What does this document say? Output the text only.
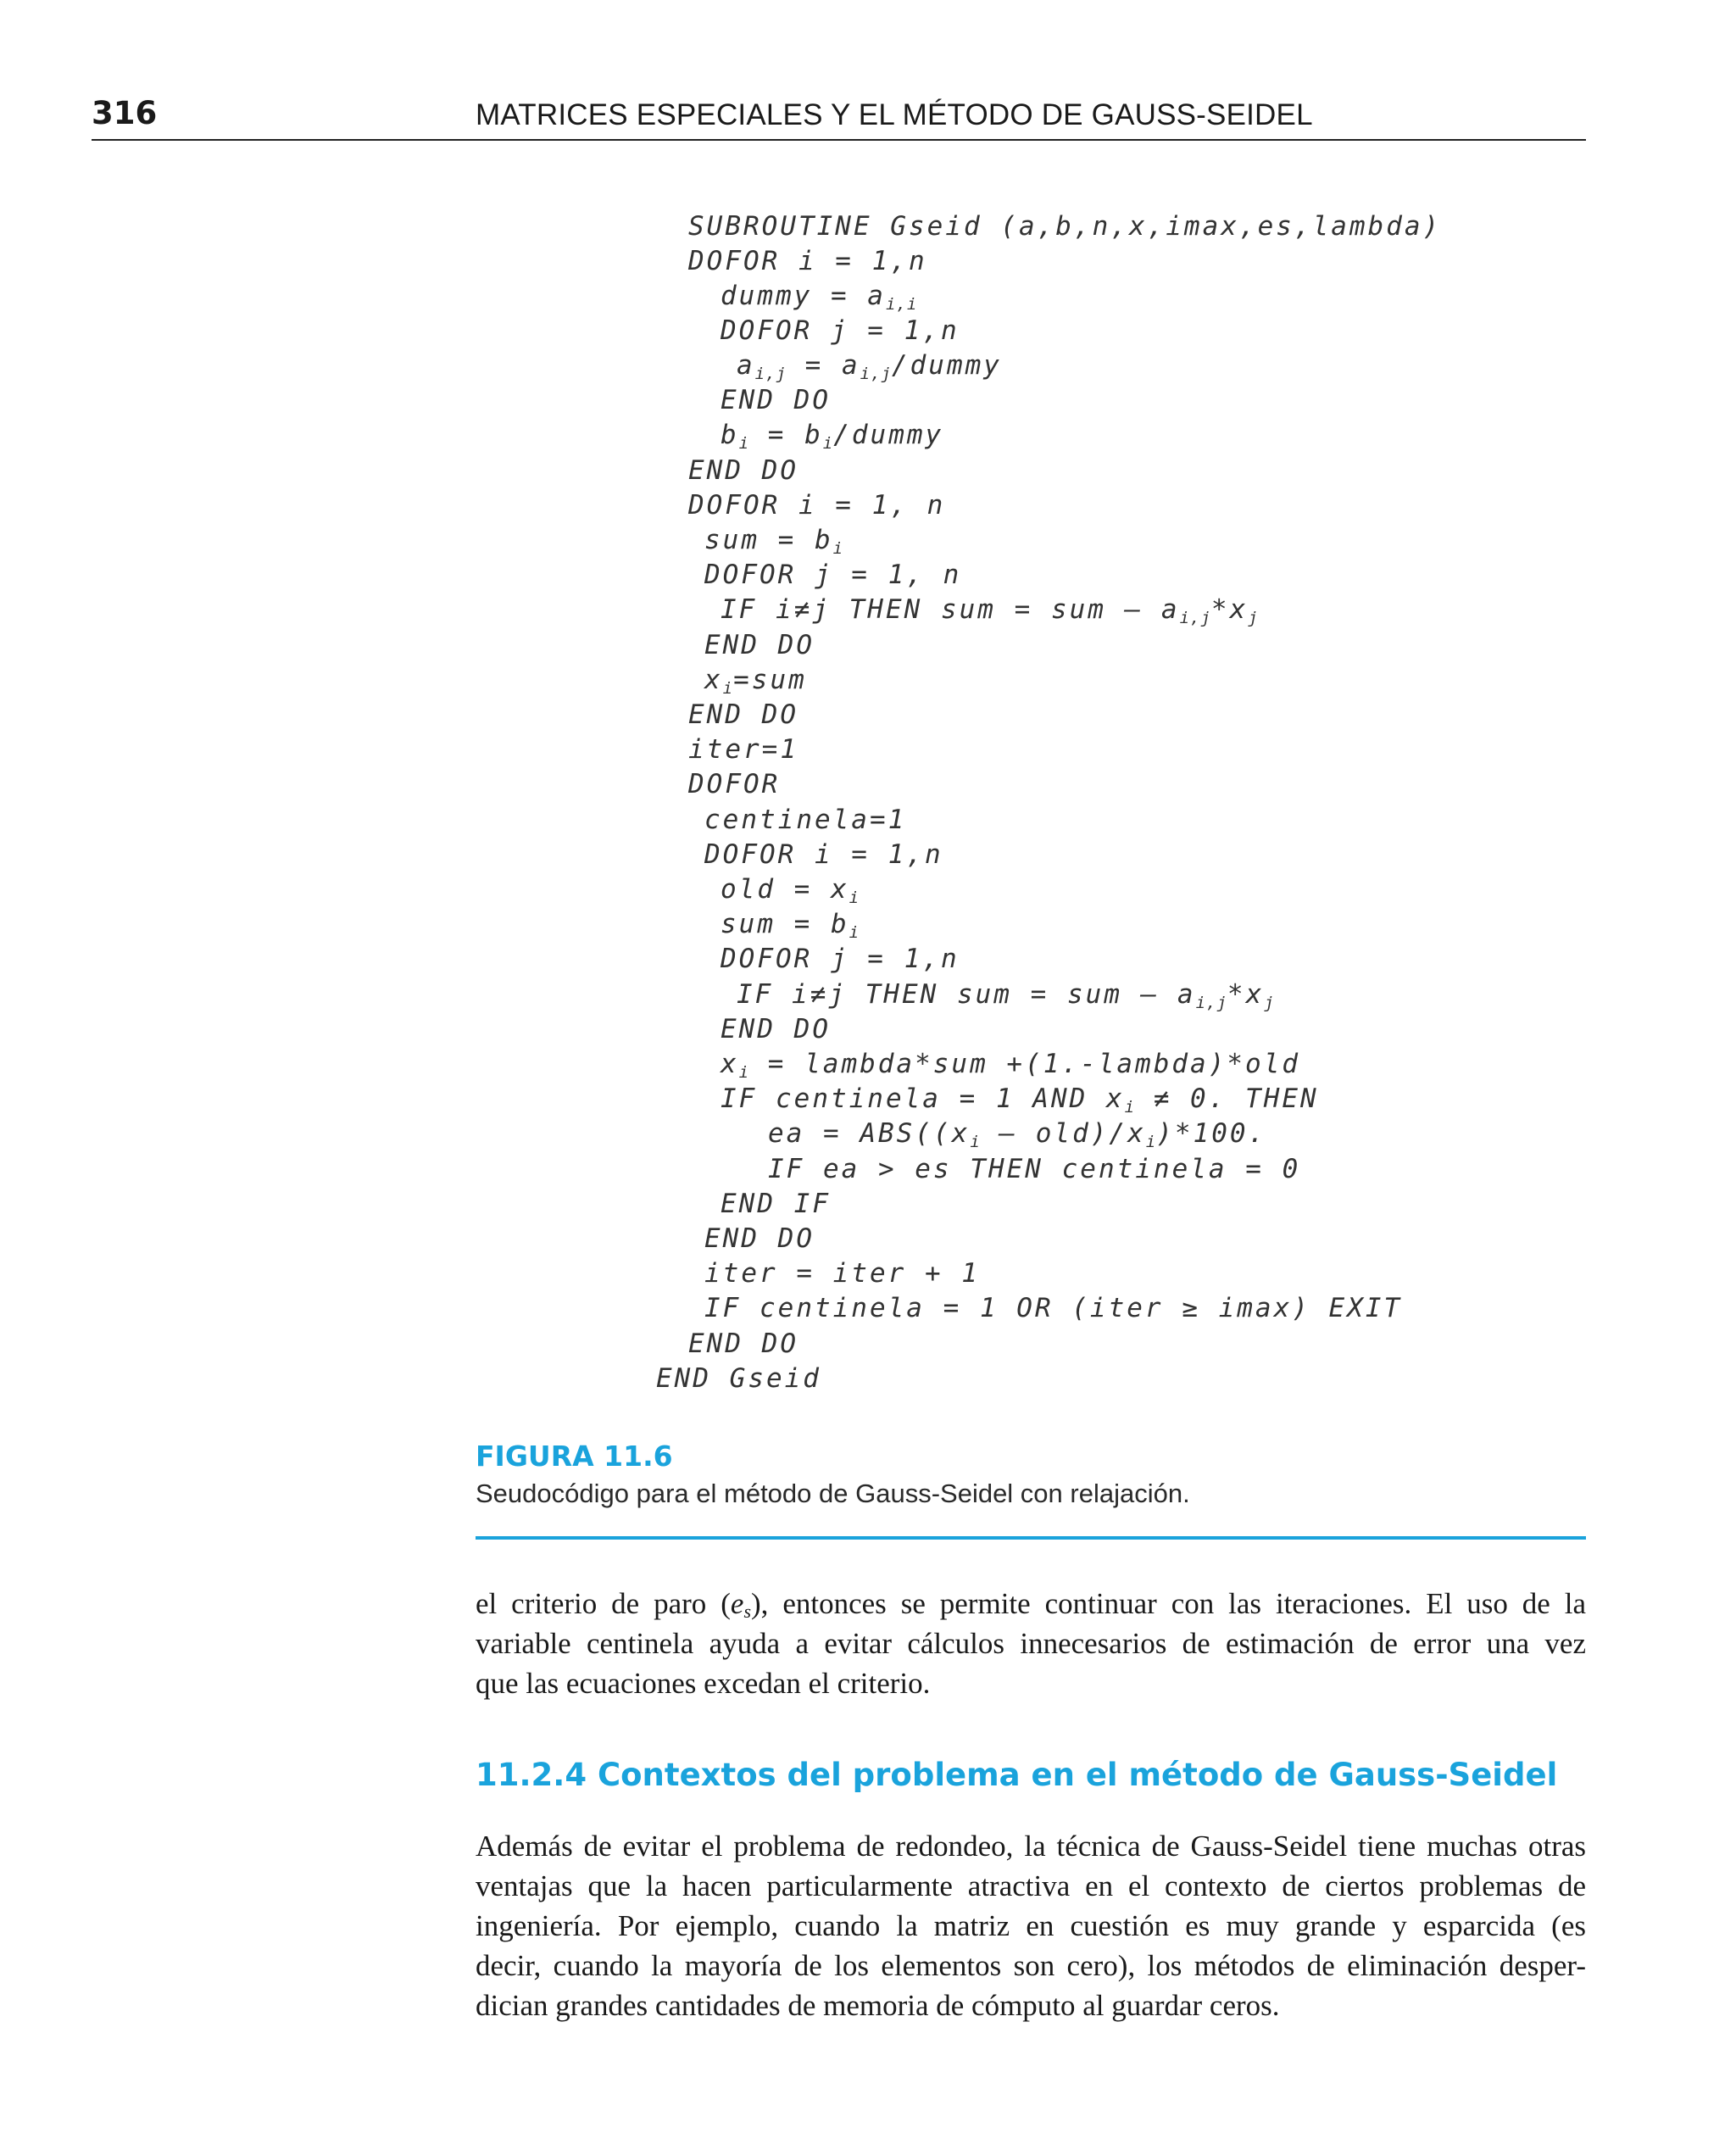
316	MATRICES ESPECIALES Y EL MÉTODO DE GAUSS-SEIDEL
SUBROUTINE Gseid (a,b,n,x,imax,es,lambda)
DOFOR i = 1,n
dummy = $a_{i,i}$
DOFOR j = 1,n
$a_{i,j}$ = $a_{i,j}$/dummy
END DO
$b_i$ = $b_i$/dummy
END DO
DOFOR i = 1, n
sum = $b_i$
DOFOR j = 1, n
IF i≠j THEN sum = sum – $a_{i,j}*x_j$
END DO
$x_i=sum$
END DO
iter=1
DOFOR
centinela=1
DOFOR i = 1,n
old = $x_i$
sum = $b_i$
DOFOR j = 1,n
IF i≠j THEN sum = sum – $a_{i,j}*x_j$
END DO
$x_i$ = lambda*sum +(1.-lambda)*old
IF centinela = 1 AND $x_i \ne 0$. THEN
ea = $ABS((x_i - old)/x_i)*100$.
IF ea > es THEN centinela = 0
END IF
END DO
iter = iter + 1
IF centinela = 1 OR (iter ≥ imax) EXIT
END DO
END Gseid
FIGURA 11.6
Seudocódigo para el método de Gauss-Seidel con relajación.
el criterio de paro $(e_s)$, entonces se permite continuar con las iteraciones. El uso de la
variable centinela ayuda a evitar cálculos innecesarios de estimación de error una vez
que las ecuaciones excedan el criterio.
11.2.4 Contextos del problema en el método de Gauss-Seidel
Además de evitar el problema de redondeo, la técnica de Gauss-Seidel tiene muchas otras
ventajas que la hacen particularmente atractiva en el contexto de ciertos problemas de
ingeniería. Por ejemplo, cuando la matriz en cuestión es muy grande y esparcida (es
decir, cuando la mayoría de los elementos son cero), los métodos de eliminación desper-
dician grandes cantidades de memoria de cómputo al guardar ceros.
